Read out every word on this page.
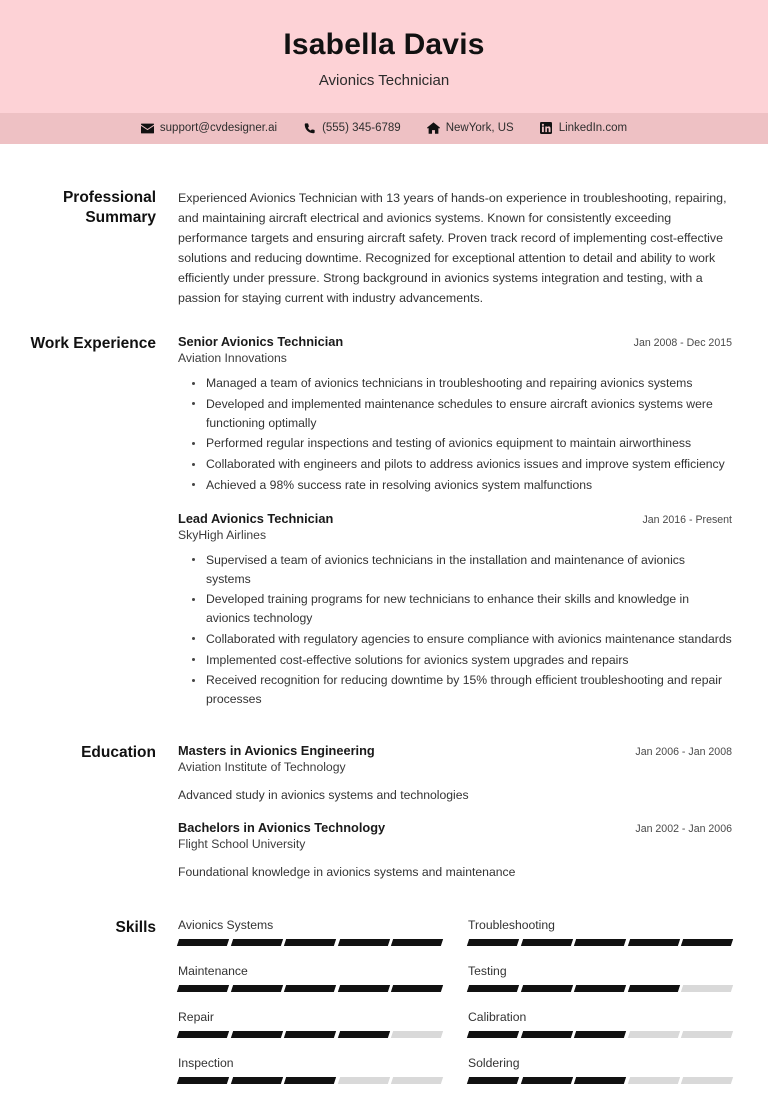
Isabella Davis
Avionics Technician
support@cvdesigner.ai	(555) 345-6789	NewYork, US	LinkedIn.com
Professional Summary

Experienced Avionics Technician with 13 years of hands-on experience in troubleshooting, repairing, and maintaining aircraft electrical and avionics systems. Known for consistently exceeding performance targets and ensuring aircraft safety. Proven track record of implementing cost-effective solutions and reducing downtime. Recognized for exceptional attention to detail and ability to work efficiently under pressure. Strong background in avionics systems integration and testing, with a passion for staying current with industry advancements.

Work Experience	Senior Avionics Technician	Jan 2008 - Dec 2015
Aviation Innovations
Managed a team of avionics technicians in troubleshooting and repairing avionics systems
Developed and implemented maintenance schedules to ensure aircraft avionics systems were functioning optimally
Performed regular inspections and testing of avionics equipment to maintain airworthiness
Collaborated with engineers and pilots to address avionics issues and improve system efficiency
Achieved a 98% success rate in resolving avionics system malfunctions
Lead Avionics Technician	Jan 2016 - Present
SkyHigh Airlines
Supervised a team of avionics technicians in the installation and maintenance of avionics systems
Developed training programs for new technicians to enhance their skills and knowledge in avionics technology
Collaborated with regulatory agencies to ensure compliance with avionics maintenance standards
Implemented cost-effective solutions for avionics system upgrades and repairs
Received recognition for reducing downtime by 15% through efficient troubleshooting and repair processes
Education	Masters in Avionics Engineering	Jan 2006 - Jan 2008
Aviation Institute of Technology
Advanced study in avionics systems and technologies
Bachelors in Avionics Technology	Jan 2002 - Jan 2006
Flight School University
Foundational knowledge in avionics systems and maintenance
Skills	Avionics Systems	Troubleshooting
Maintenance	Testing
Repair	Calibration
Inspection	Soldering
